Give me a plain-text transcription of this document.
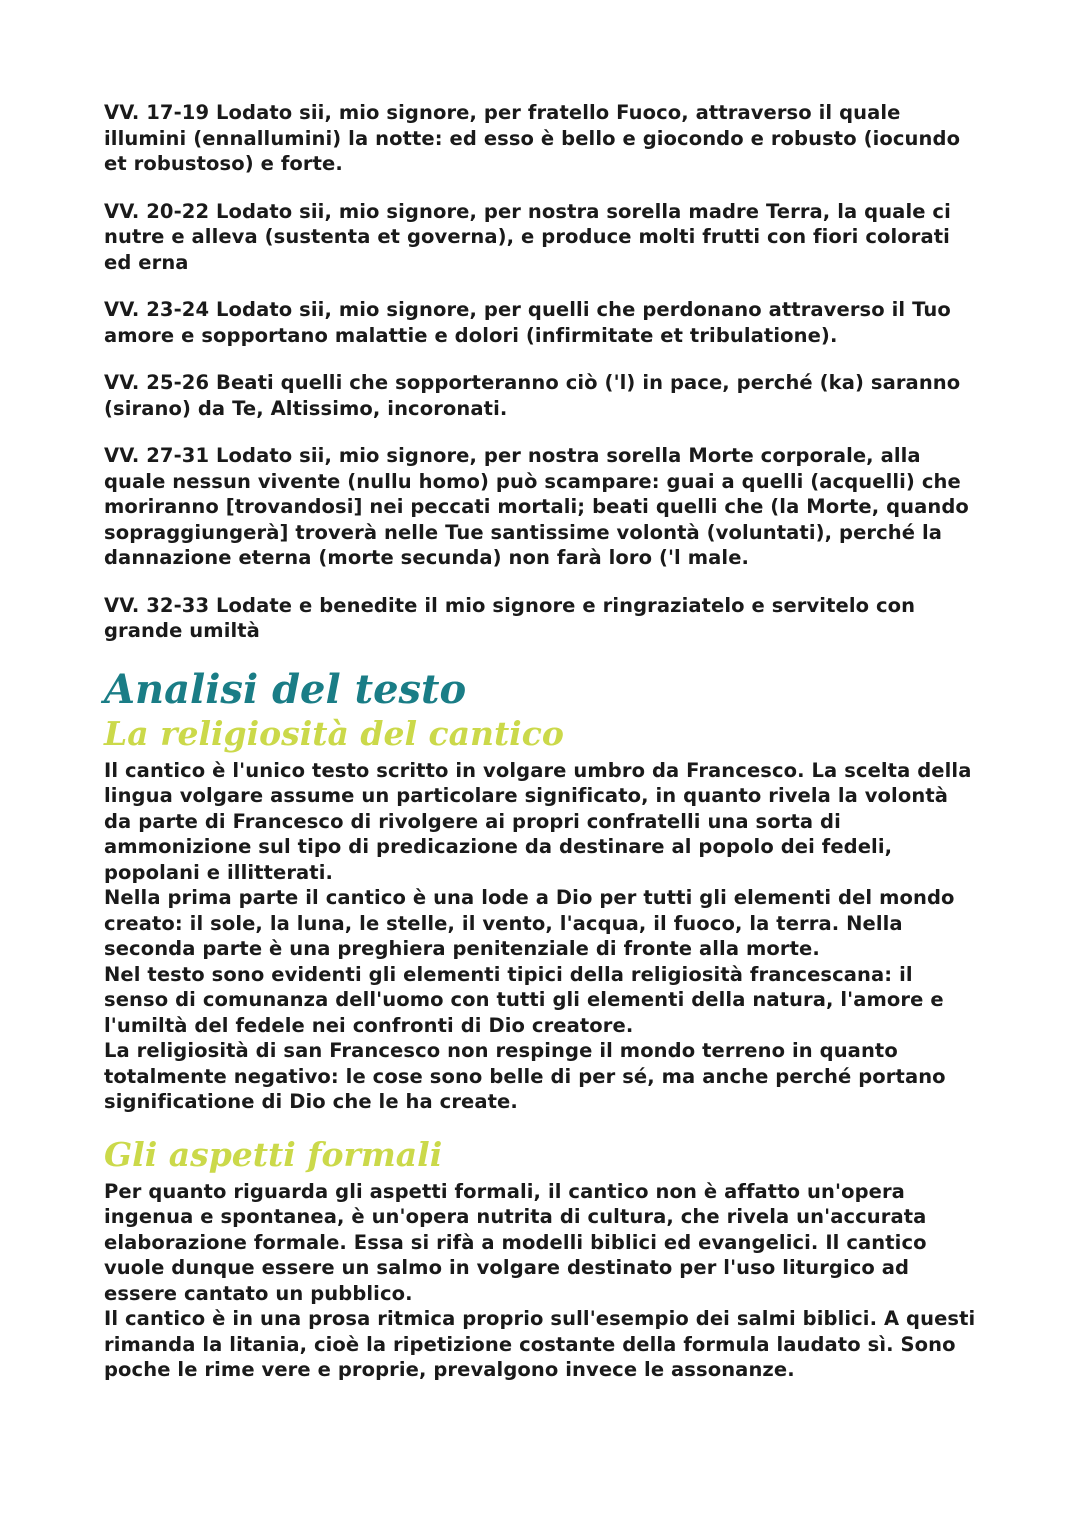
VV. 17-19 Lodato sii, mio signore, per fratello Fuoco, attraverso il quale illumini (ennallumini) la notte: ed esso è bello e giocondo e robusto (iocundo et robustoso) e forte.

VV. 20-22 Lodato sii, mio signore, per nostra sorella madre Terra, la quale ci nutre e alleva (sustenta et governa), e produce molti frutti con fiori colorati ed erna

VV. 23-24 Lodato sii, mio signore, per quelli che perdonano attraverso il Tuo amore e sopportano malattie e dolori (infirmitate et tribulatione).

VV. 25-26 Beati quelli che sopporteranno ciò ('l) in pace, perché (ka) saranno (sirano) da Te, Altissimo, incoronati.

VV. 27-31 Lodato sii, mio signore, per nostra sorella Morte corporale, alla quale nessun vivente (nullu homo) può scampare: guai a quelli (acquelli) che moriranno [trovandosi] nei peccati mortali; beati quelli che (la Morte, quando sopraggiungerà] troverà nelle Tue santissime volontà (voluntati), perché la dannazione eterna (morte secunda) non farà loro ('l male.

VV. 32-33 Lodate e benedite il mio signore e ringraziatelo e servitelo con grande umiltà

Analisi del testo
La religiosità del cantico

Il cantico è l'unico testo scritto in volgare umbro da Francesco. La scelta della lingua volgare assume un particolare significato, in quanto rivela la volontà da parte di Francesco di rivolgere ai propri confratelli una sorta di ammonizione sul tipo di predicazione da destinare al popolo dei fedeli, popolani e illitterati.

Nella prima parte il cantico è una lode a Dio per tutti gli elementi del mondo creato: il sole, la luna, le stelle, il vento, l'acqua, il fuoco, la terra. Nella seconda parte è una preghiera penitenziale di fronte alla morte.

Nel testo sono evidenti gli elementi tipici della religiosità francescana: il senso di comunanza dell'uomo con tutti gli elementi della natura, l'amore e l'umiltà del fedele nei confronti di Dio creatore.

La religiosità di san Francesco non respinge il mondo terreno in quanto totalmente negativo: le cose sono belle di per sé, ma anche perché portano significatione di Dio che le ha create.

Gli aspetti formali

Per quanto riguarda gli aspetti formali, il cantico non è affatto un'opera ingenua e spontanea, è un'opera nutrita di cultura, che rivela un'accurata elaborazione formale. Essa si rifà a modelli biblici ed evangelici. Il cantico vuole dunque essere un salmo in volgare destinato per l'uso liturgico ad essere cantato un pubblico.

Il cantico è in una prosa ritmica proprio sull'esempio dei salmi biblici. A questi rimanda la litania, cioè la ripetizione costante della formula laudato sì. Sono poche le rime vere e proprie, prevalgono invece le assonanze.
